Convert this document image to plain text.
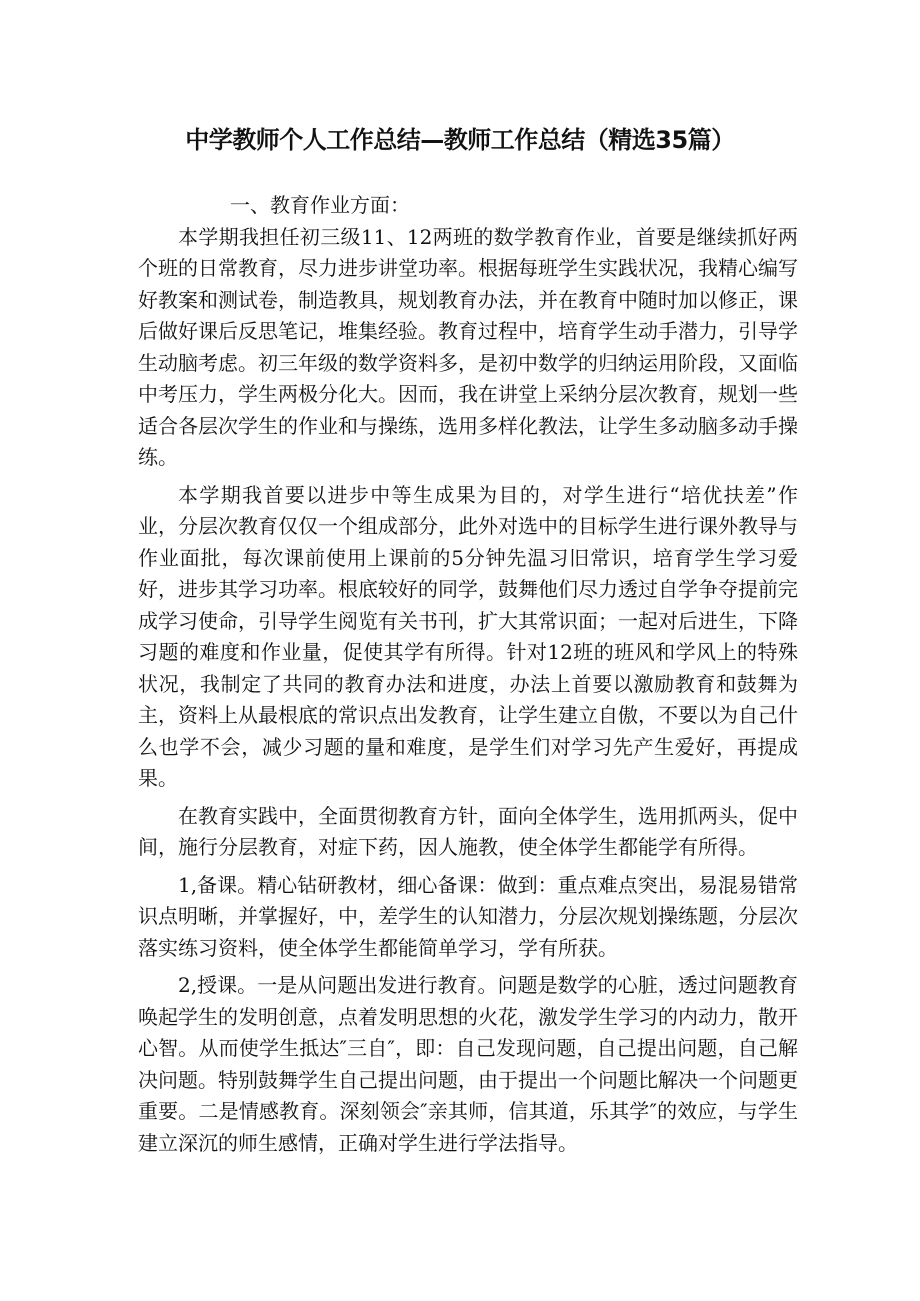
中学教师个人工作总结—教师工作总结（精选35篇）

一、教育作业方面：

本学期我担任初三级11、12两班的数学教育作业，首要是继续抓好两个班的日常教育，尽力进步讲堂功率。根据每班学生实践状况，我精心编写好教案和测试卷，制造教具，规划教育办法，并在教育中随时加以修正，课后做好课后反思笔记，堆集经验。教育过程中，培育学生动手潜力，引导学生动脑考虑。初三年级的数学资料多，是初中数学的归纳运用阶段，又面临中考压力，学生两极分化大。因而，我在讲堂上采纳分层次教育，规划一些适合各层次学生的作业和与操练，选用多样化教法，让学生多动脑多动手操练。

本学期我首要以进步中等生成果为目的，对学生进行“培优扶差”作业，分层次教育仅仅一个组成部分，此外对选中的目标学生进行课外教导与作业面批，每次课前使用上课前的5分钟先温习旧常识，培育学生学习爱好，进步其学习功率。根底较好的同学，鼓舞他们尽力透过自学争夺提前完成学习使命，引导学生阅览有关书刊，扩大其常识面；一起对后进生，下降习题的难度和作业量，促使其学有所得。针对12班的班风和学风上的特殊状况，我制定了共同的教育办法和进度，办法上首要以激励教育和鼓舞为主，资料上从最根底的常识点出发教育，让学生建立自傲，不要以为自己什么也学不会，减少习题的量和难度，是学生们对学习先产生爱好，再提成果。

在教育实践中，全面贯彻教育方针，面向全体学生，选用抓两头，促中间，施行分层教育，对症下药，因人施教，使全体学生都能学有所得。

1,备课。精心钻研教材，细心备课：做到：重点难点突出，易混易错常识点明晰，并掌握好，中，差学生的认知潜力，分层次规划操练题，分层次落实练习资料，使全体学生都能简单学习，学有所获。

2,授课。一是从问题出发进行教育。问题是数学的心脏，透过问题教育唤起学生的发明创意，点着发明思想的火花，激发学生学习的内动力，散开心智。从而使学生抵达″三自″，即：自己发现问题，自己提出问题，自己解决问题。特别鼓舞学生自己提出问题，由于提出一个问题比解决一个问题更重要。二是情感教育。深刻领会″亲其师，信其道，乐其学″的效应，与学生建立深沉的师生感情，正确对学生进行学法指导。
